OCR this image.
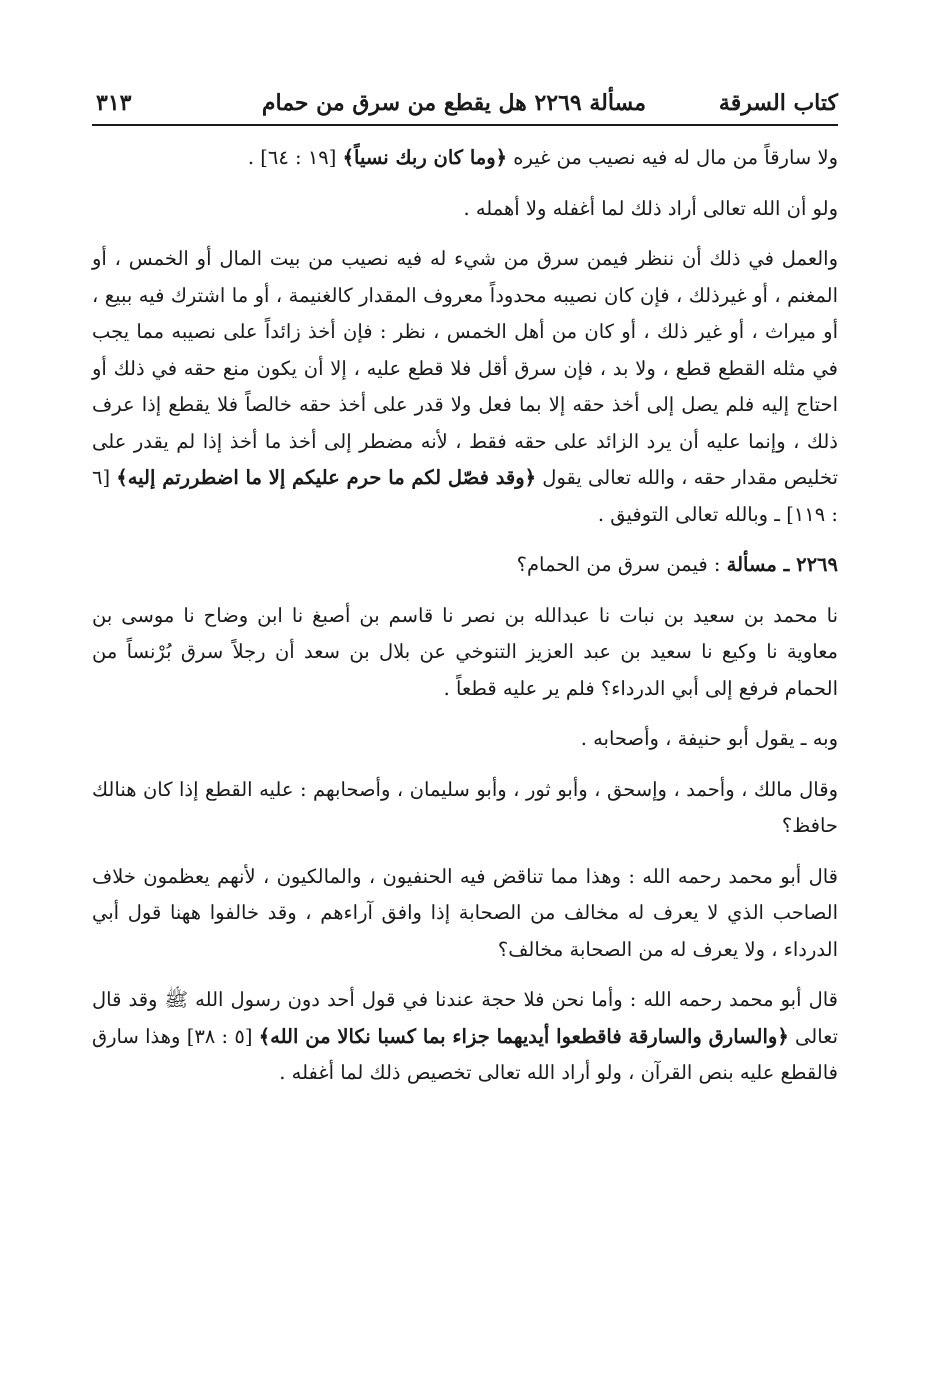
كتاب السرقة
مسألة ٢٢٦٩ هل يقطع من سرق من حمام
٣١٣

ولا سارقاً من مال له فيه نصيب من غيره ﴿وما كان ربك نسياً﴾ [١٩ : ٦٤] .

ولو أن الله تعالى أراد ذلك لما أغفله ولا أهمله .

والعمل في ذلك أن ننظر فيمن سرق من شيء له فيه نصيب من بيت المال أو الخمس ، أو المغنم ، أو غيرذلك ، فإن كان نصيبه محدوداً معروف المقدار كالغنيمة ، أو ما اشترك فيه ببيع ، أو ميراث ، أو غير ذلك ، أو كان من أهل الخمس ، نظر : فإن أخذ زائداً على نصيبه مما يجب في مثله القطع قطع ، ولا بد ، فإن سرق أقل فلا قطع عليه ، إلا أن يكون منع حقه في ذلك أو احتاج إليه فلم يصل إلى أخذ حقه إلا بما فعل ولا قدر على أخذ حقه خالصاً فلا يقطع إذا عرف ذلك ، وإنما عليه أن يرد الزائد على حقه فقط ، لأنه مضطر إلى أخذ ما أخذ إذا لم يقدر على تخليص مقدار حقه ، والله تعالى يقول ﴿وقد فصّل لكم ما حرم عليكم إلا ما اضطررتم إليه﴾ [٦ : ١١٩] ـ وبالله تعالى التوفيق .

٢٢٦٩ ـ مسألة : فيمن سرق من الحمام؟

نا محمد بن سعيد بن نبات نا عبدالله بن نصر نا قاسم بن أصبغ نا ابن وضاح نا موسى بن معاوية نا وكيع نا سعيد بن عبد العزيز التنوخي عن بلال بن سعد أن رجلاً سرق بُرْنساً من الحمام فرفع إلى أبي الدرداء؟ فلم ير عليه قطعاً .

وبه ـ يقول أبو حنيفة ، وأصحابه .

وقال مالك ، وأحمد ، وإسحق ، وأبو ثور ، وأبو سليمان ، وأصحابهم : عليه القطع إذا كان هنالك حافظ؟

قال أبو محمد رحمه الله : وهذا مما تناقض فيه الحنفيون ، والمالكيون ، لأنهم يعظمون خلاف الصاحب الذي لا يعرف له مخالف من الصحابة إذا وافق آراءهم ، وقد خالفوا ههنا قول أبي الدرداء ، ولا يعرف له من الصحابة مخالف؟

قال أبو محمد رحمه الله : وأما نحن فلا حجة عندنا في قول أحد دون رسول الله ﷺ وقد قال تعالى ﴿والسارق والسارقة فاقطعوا أيديهما جزاء بما كسبا نكالا من الله﴾ [٥ : ٣٨] وهذا سارق فالقطع عليه بنص القرآن ، ولو أراد الله تعالى تخصيص ذلك لما أغفله .
